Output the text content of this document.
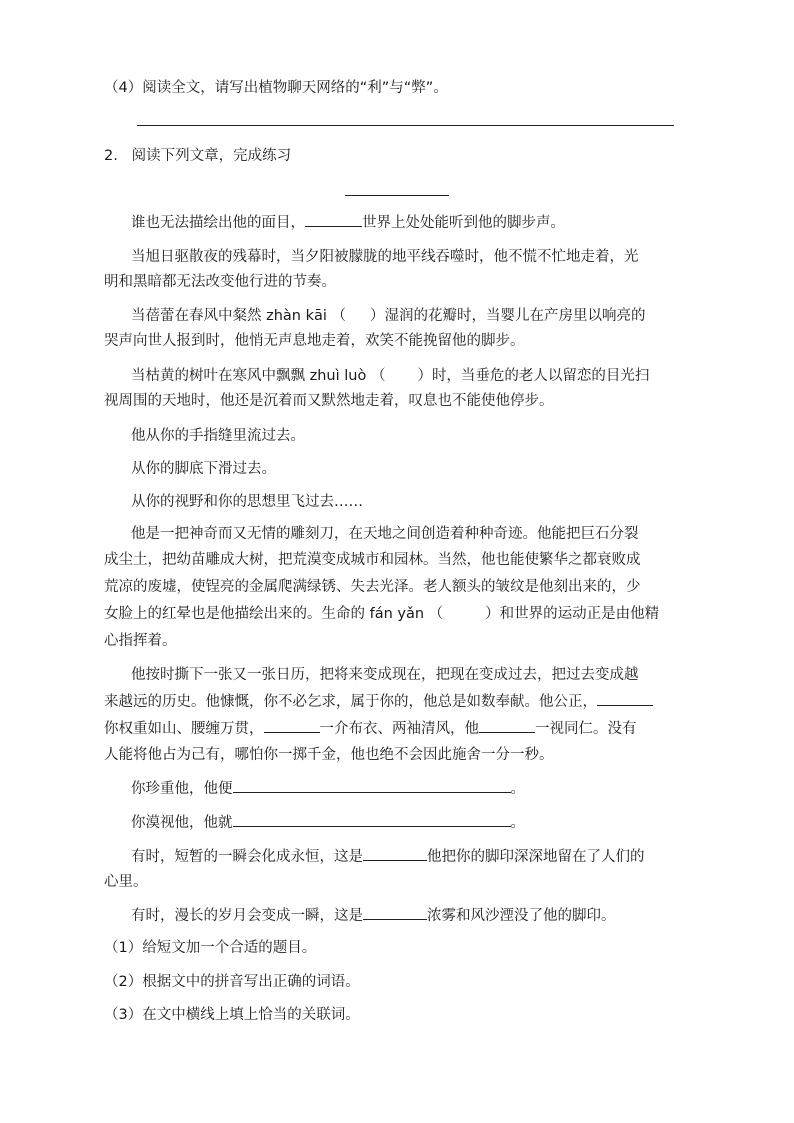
（4）阅读全文，请写出植物聊天网络的“利”与“弊”。
2. 阅读下列文章，完成练习
谁也无法描绘出他的面目，	世界上处处能听到他的脚步声。
当旭日驱散夜的残幕时，当夕阳被朦胧的地平线吞噬时，他不慌不忙地走着，光
明和黑暗都无法改变他行进的节奏。
当蓓蕾在春风中粲然 zhàn kāi （ ）湿润的花瓣时，当婴儿在产房里以响亮的
哭声向世人报到时，他悄无声息地走着，欢笑不能挽留他的脚步。
当枯黄的树叶在寒风中飘飘 zhuì luò （ ）时，当垂危的老人以留恋的目光扫
视周围的天地时，他还是沉着而又默然地走着，叹息也不能使他停步。
他从你的手指缝里流过去。
从你的脚底下滑过去。
从你的视野和你的思想里飞过去……
他是一把神奇而又无情的雕刻刀，在天地之间创造着种种奇迹。他能把巨石分裂
成尘土，把幼苗雕成大树，把荒漠变成城市和园林。当然，他也能使繁华之都衰败成
荒凉的废墟，使锃亮的金属爬满绿锈、失去光泽。老人额头的皱纹是他刻出来的，少
女脸上的红晕也是他描绘出来的。生命的 fán yǎn （	）和世界的运动正是由他精
心指挥着。
他按时撕下一张又一张日历，把将来变成现在，把现在变成过去，把过去变成越
来越远的历史。他慷慨，你不必乞求，属于你的，他总是如数奉献。他公正，
你权重如山、腰缠万贯，	一介布衣、两袖清风，他	一视同仁。没有
人能将他占为己有，哪怕你一掷千金，他也绝不会因此施舍一分一秒。
你珍重他，他便	。
你漠视他，他就	。
有时，短暂的一瞬会化成永恒，这是	他把你的脚印深深地留在了人们的
心里。
有时，漫长的岁月会变成一瞬，这是	浓雾和风沙湮没了他的脚印。
（1）给短文加一个合适的题目。
（2）根据文中的拼音写出正确的词语。
（3）在文中横线上填上恰当的关联词。
